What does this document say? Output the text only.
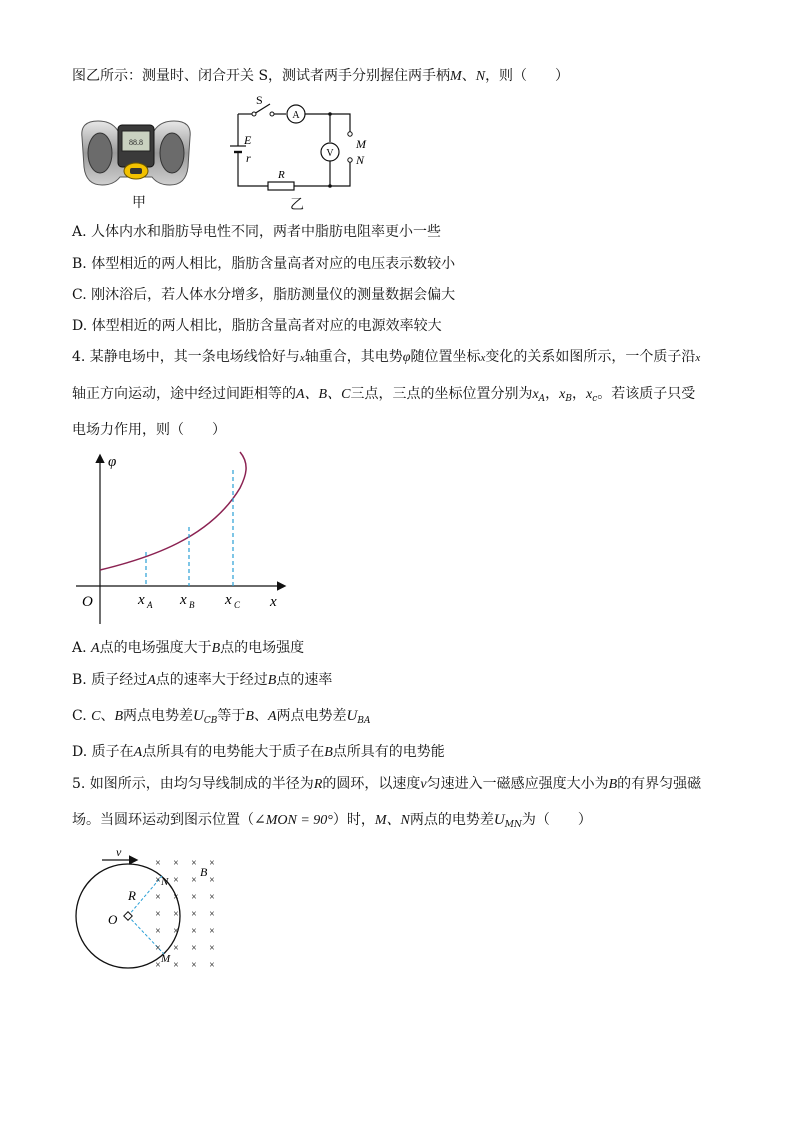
图乙所示：测量时、闭合开关 S，测试者两手分别握住两手柄M、N，则（　　）
88.8
甲
S
A
V
E
r
M
N
R
乙
A. 人体内水和脂肪导电性不同，两者中脂肪电阻率更小一些
B. 体型相近的两人相比，脂肪含量高者对应的电压表示数较小
C. 刚沐浴后，若人体水分增多，脂肪测量仪的测量数据会偏大
D. 体型相近的两人相比，脂肪含量高者对应的电源效率较大
4. 某静电场中，其一条电场线恰好与x轴重合，其电势φ随位置坐标x变化的关系如图所示，一个质子沿x
轴正方向运动，途中经过间距相等的A、B、C三点，三点的坐标位置分别为$x_A$，$x_B$，$x_c$。若该质子只受
电场力作用，则（　　）
φ
x
O	x A x B x C
A. A点的电场强度大于B点的电场强度
B. 质子经过A点的速率大于经过B点的速率
C. C、B两点电势差$U_{CB}$等于B、A两点电势差$U_{BA}$
D. 质子在A点所具有的电势能大于质子在B点所具有的电势能
5. 如图所示，由均匀导线制成的半径为R的圆环，以速度v匀速进入一磁感应强度大小为B的有界匀强磁
场。当圆环运动到图示位置（∠MON = 90°）时，M、N两点的电势差$U_{MN}$为（　　）
× × × ×
× × × ×
× × × ×
× × × ×
× × × ×
× × × ×
× × × ×
v
B
R
O
N
M
